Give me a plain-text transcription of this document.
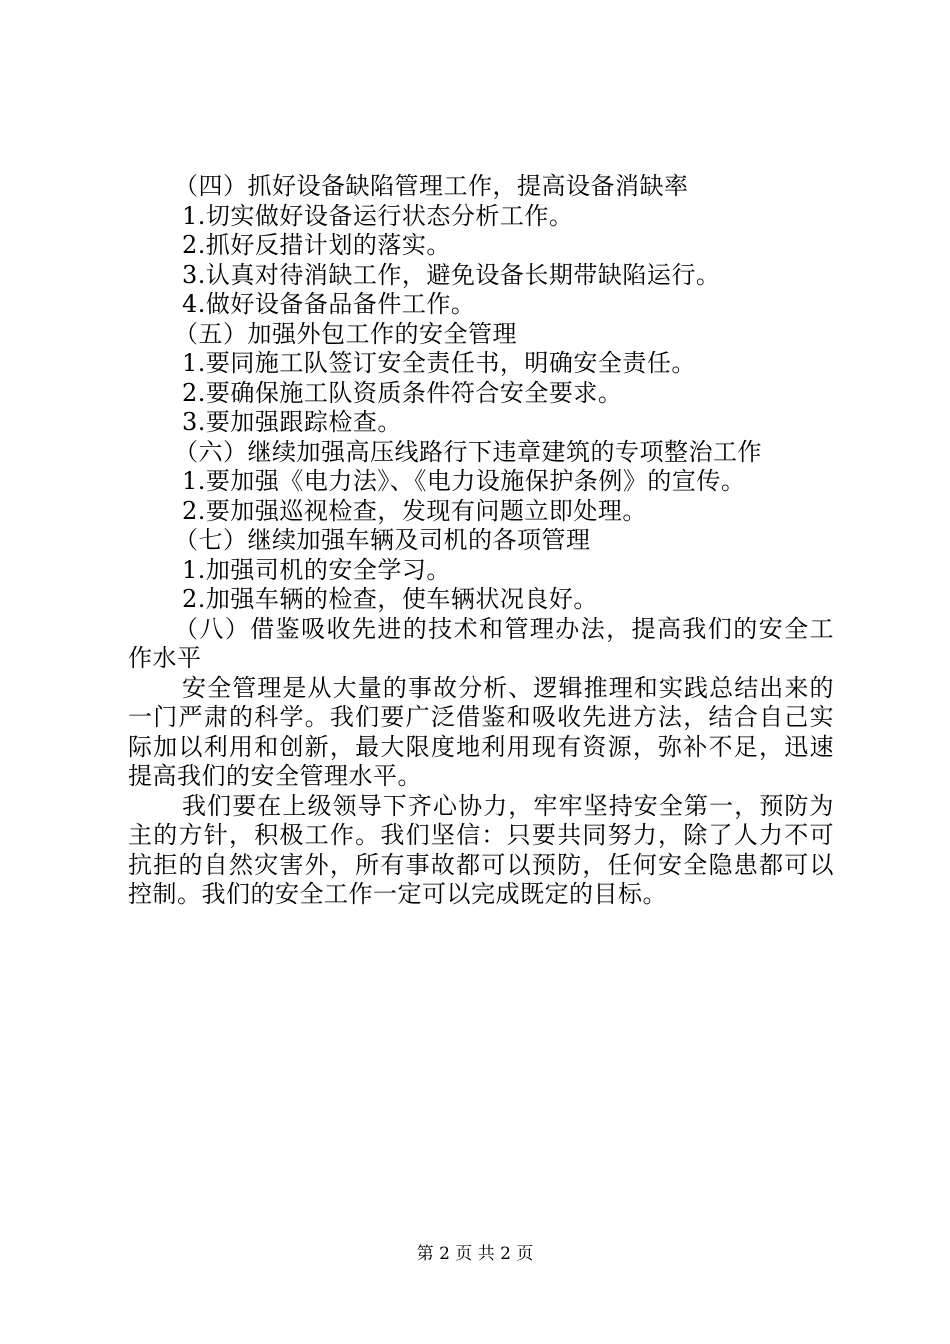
（四）抓好设备缺陷管理工作，提高设备消缺率
1.切实做好设备运行状态分析工作。
2.抓好反措计划的落实。
3.认真对待消缺工作，避免设备长期带缺陷运行。
4.做好设备备品备件工作。
（五）加强外包工作的安全管理
1.要同施工队签订安全责任书，明确安全责任。
2.要确保施工队资质条件符合安全要求。
3.要加强跟踪检查。
（六）继续加强高压线路行下违章建筑的专项整治工作
1.要加强《电力法》、《电力设施保护条例》的宣传。
2.要加强巡视检查，发现有问题立即处理。
（七）继续加强车辆及司机的各项管理
1.加强司机的安全学习。
2.加强车辆的检查，使车辆状况良好。

（八）借鉴吸收先进的技术和管理办法，提高我们的安全工作水平

安全管理是从大量的事故分析、逻辑推理和实践总结出来的一门严肃的科学。我们要广泛借鉴和吸收先进方法，结合自己实际加以利用和创新，最大限度地利用现有资源，弥补不足，迅速提高我们的安全管理水平。

我们要在上级领导下齐心协力，牢牢坚持安全第一，预防为主的方针，积极工作。我们坚信：只要共同努力，除了人力不可抗拒的自然灾害外，所有事故都可以预防，任何安全隐患都可以控制。我们的安全工作一定可以完成既定的目标。

第 2 页 共 2 页
